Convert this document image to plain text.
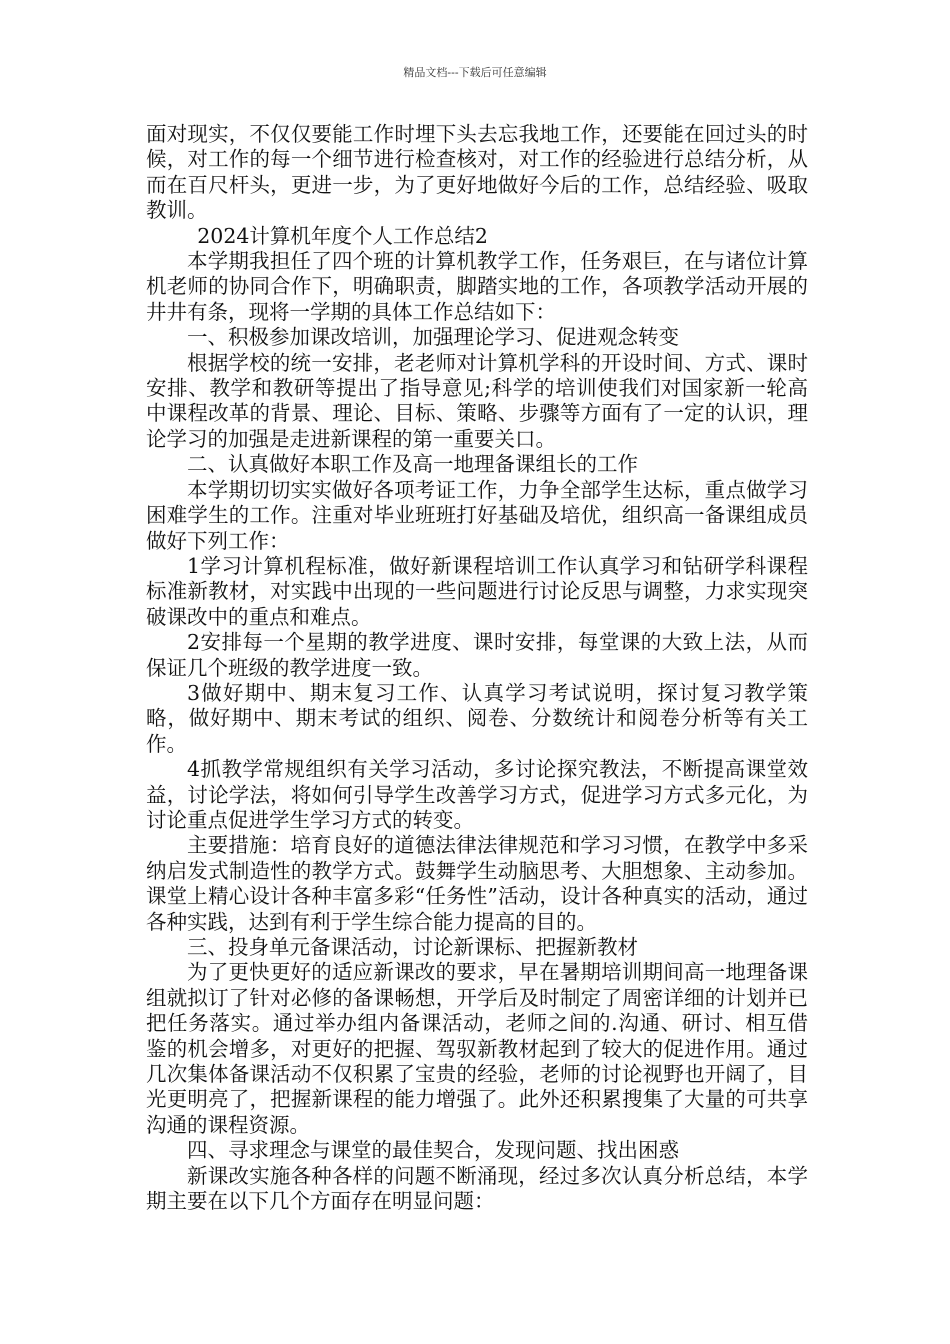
精品文档---下载后可任意编辑

面对现实，不仅仅要能工作时埋下头去忘我地工作，还要能在回过头的时候，对工作的每一个细节进行检查核对，对工作的经验进行总结分析，从而在百尺杆头，更进一步，为了更好地做好今后的工作，总结经验、吸取教训。

2024计算机年度个人工作总结2

本学期我担任了四个班的计算机教学工作，任务艰巨，在与诸位计算机老师的协同合作下，明确职责，脚踏实地的工作，各项教学活动开展的井井有条，现将一学期的具体工作总结如下：

一、积极参加课改培训，加强理论学习、促进观念转变

根据学校的统一安排，老老师对计算机学科的开设时间、方式、课时安排、教学和教研等提出了指导意见;科学的培训使我们对国家新一轮高中课程改革的背景、理论、目标、策略、步骤等方面有了一定的认识，理论学习的加强是走进新课程的第一重要关口。

二、认真做好本职工作及高一地理备课组长的工作

本学期切切实实做好各项考证工作，力争全部学生达标，重点做学习困难学生的工作。注重对毕业班班打好基础及培优，组织高一备课组成员做好下列工作：

1学习计算机程标准，做好新课程培训工作认真学习和钻研学科课程标准新教材，对实践中出现的一些问题进行讨论反思与调整，力求实现突破课改中的重点和难点。

2安排每一个星期的教学进度、课时安排，每堂课的大致上法，从而保证几个班级的教学进度一致。

3做好期中、期末复习工作、认真学习考试说明，探讨复习教学策略，做好期中、期末考试的组织、阅卷、分数统计和阅卷分析等有关工作。

4抓教学常规组织有关学习活动，多讨论探究教法，不断提高课堂效益，讨论学法，将如何引导学生改善学习方式，促进学习方式多元化，为讨论重点促进学生学习方式的转变。

主要措施：培育良好的道德法律法律规范和学习习惯，在教学中多采纳启发式制造性的教学方式。鼓舞学生动脑思考、大胆想象、主动参加。课堂上精心设计各种丰富多彩“任务性”活动，设计各种真实的活动，通过各种实践，达到有利于学生综合能力提高的目的。

三、投身单元备课活动，讨论新课标、把握新教材

为了更快更好的适应新课改的要求，早在暑期培训期间高一地理备课组就拟订了针对必修的备课畅想，开学后及时制定了周密详细的计划并已把任务落实。通过举办组内备课活动，老师之间的.沟通、研讨、相互借鉴的机会增多，对更好的把握、驾驭新教材起到了较大的促进作用。通过几次集体备课活动不仅积累了宝贵的经验，老师的讨论视野也开阔了，目光更明亮了，把握新课程的能力增强了。此外还积累搜集了大量的可共享沟通的课程资源。

四、寻求理念与课堂的最佳契合，发现问题、找出困惑

新课改实施各种各样的问题不断涌现，经过多次认真分析总结，本学期主要在以下几个方面存在明显问题：
